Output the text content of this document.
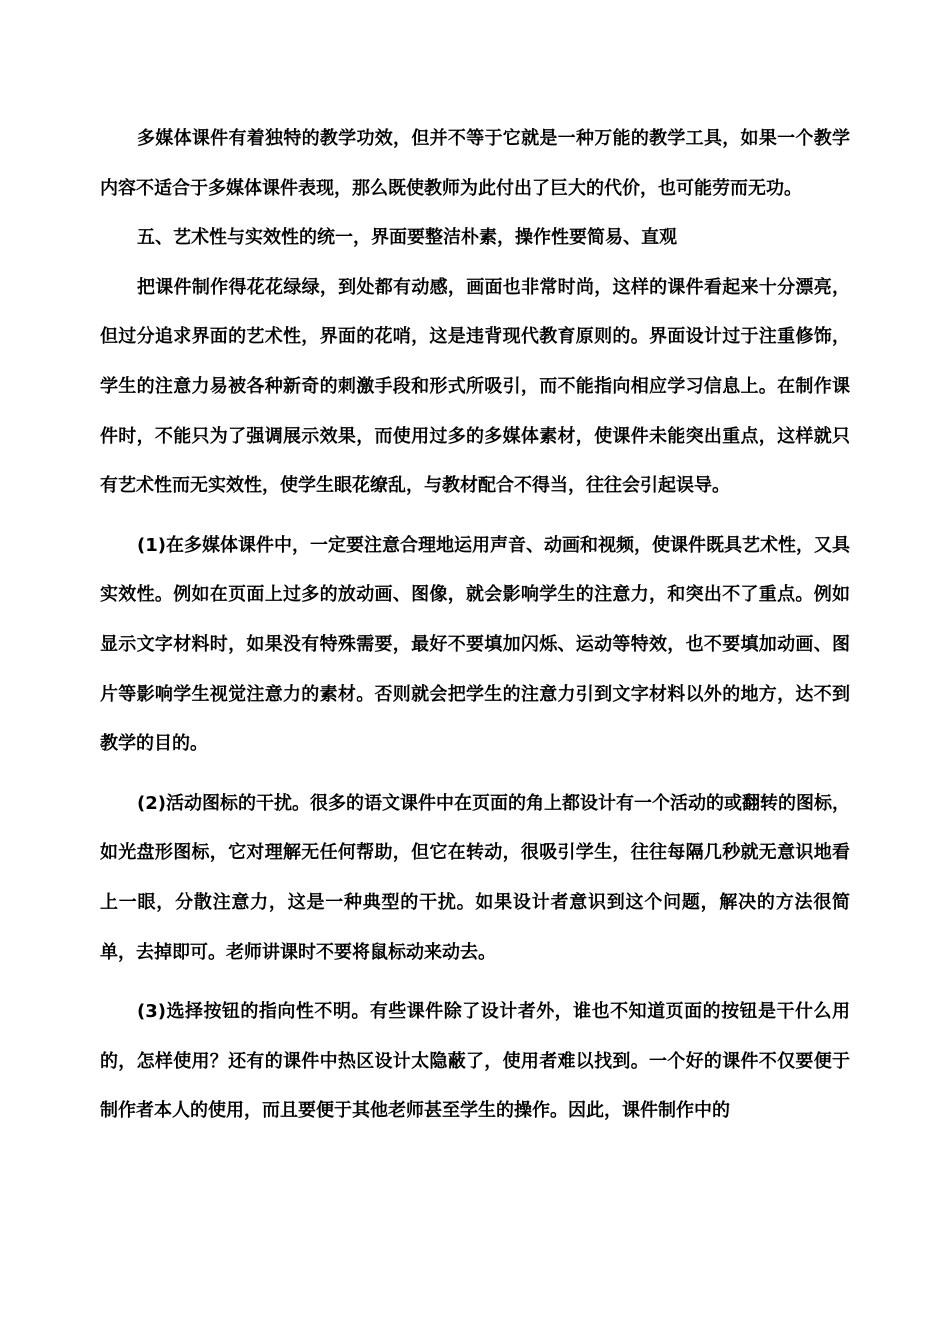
多媒体课件有着独特的教学功效，但并不等于它就是一种万能的教学工具，如果一个教学内容不适合于多媒体课件表现，那么既使教师为此付出了巨大的代价，也可能劳而无功。

五、艺术性与实效性的统一，界面要整洁朴素，操作性要简易、直观

把课件制作得花花绿绿，到处都有动感，画面也非常时尚，这样的课件看起来十分漂亮，但过分追求界面的艺术性，界面的花哨，这是违背现代教育原则的。界面设计过于注重修饰，学生的注意力易被各种新奇的刺激手段和形式所吸引，而不能指向相应学习信息上。在制作课件时，不能只为了强调展示效果，而使用过多的多媒体素材，使课件未能突出重点，这样就只有艺术性而无实效性，使学生眼花缭乱，与教材配合不得当，往往会引起误导。

(1)在多媒体课件中，一定要注意合理地运用声音、动画和视频，使课件既具艺术性，又具实效性。例如在页面上过多的放动画、图像，就会影响学生的注意力，和突出不了重点。例如显示文字材料时，如果没有特殊需要，最好不要填加闪烁、运动等特效，也不要填加动画、图片等影响学生视觉注意力的素材。否则就会把学生的注意力引到文字材料以外的地方，达不到教学的目的。

(2)活动图标的干扰。很多的语文课件中在页面的角上都设计有一个活动的或翻转的图标，如光盘形图标，它对理解无任何帮助，但它在转动，很吸引学生，往往每隔几秒就无意识地看上一眼，分散注意力，这是一种典型的干扰。如果设计者意识到这个问题，解决的方法很简单，去掉即可。老师讲课时不要将鼠标动来动去。

(3)选择按钮的指向性不明。有些课件除了设计者外，谁也不知道页面的按钮是干什么用的，怎样使用？还有的课件中热区设计太隐蔽了，使用者难以找到。一个好的课件不仅要便于制作者本人的使用，而且要便于其他老师甚至学生的操作。因此，课件制作中的
